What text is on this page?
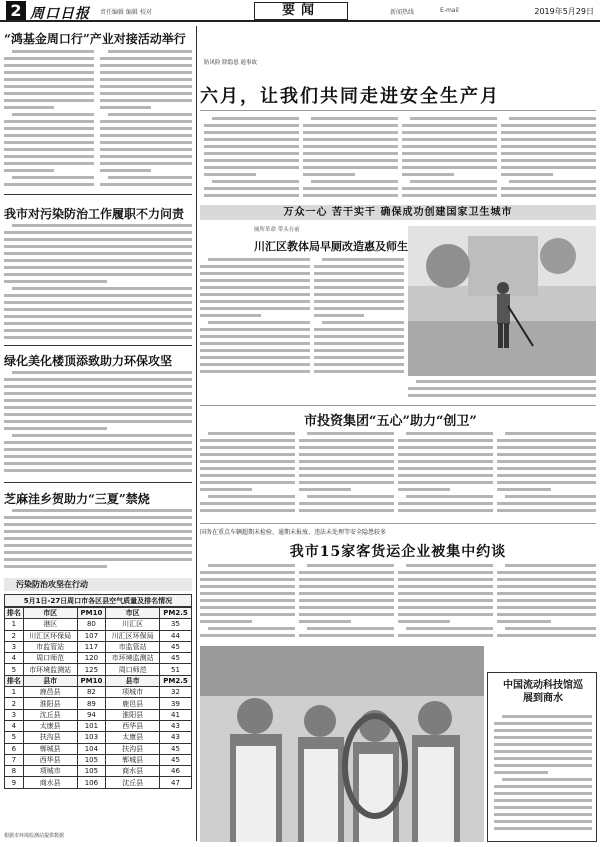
2 周口日报 责任编辑 编辑 校对	新闻热线	E-mail
要闻	2019年5月29日
“鸿基金周口行”产业对接活动举行
我市对污染防治工作履职不力问责
绿化美化楼顶添致助力环保攻坚
芝麻洼乡贺助力“三夏”禁烧
污染防治攻坚在行动
5月1日-27日周口市各区县空气质量及排名情况
排名	市区	PM10	市区	PM2.5
1	港区	80	川汇区	35
2	川汇区环保局	107	川汇区环保局	44
3	市监管站	117	市监管站	45
4	周口师范	120	市环境监测站	45
5	市环境监测站	125	周口师范	51
排名	县市	PM10	县市	PM2.5
1	鹿邑县	82	项城市	32
2	淮阳县	89	鹿邑县	39
3	沈丘县	94	淮阳县	41
4	太康县	101	西华县	43
5	扶沟县	103	太康县	43
6	郸城县	104	扶沟县	45
7	西华县	105	郸城县	45
8	项城市	105	商水县	46
9	商水县	106	沈丘县	47
根据市环境监测站提供数据
防风险 除隐患 遏事故
六月，让我们共同走进安全生产月
万众一心 苦干实干 确保成功创建国家卫生城市
厕所革命 带头在前
川汇区教体局早厕改造惠及师生
市投资集团“五心”助力“创卫”
国务在重点车辆超期未检验、逾期未报废、违法未处理等安全隐患较多
我市15家客货运企业被集中约谈
中国流动科技馆巡展到商水
